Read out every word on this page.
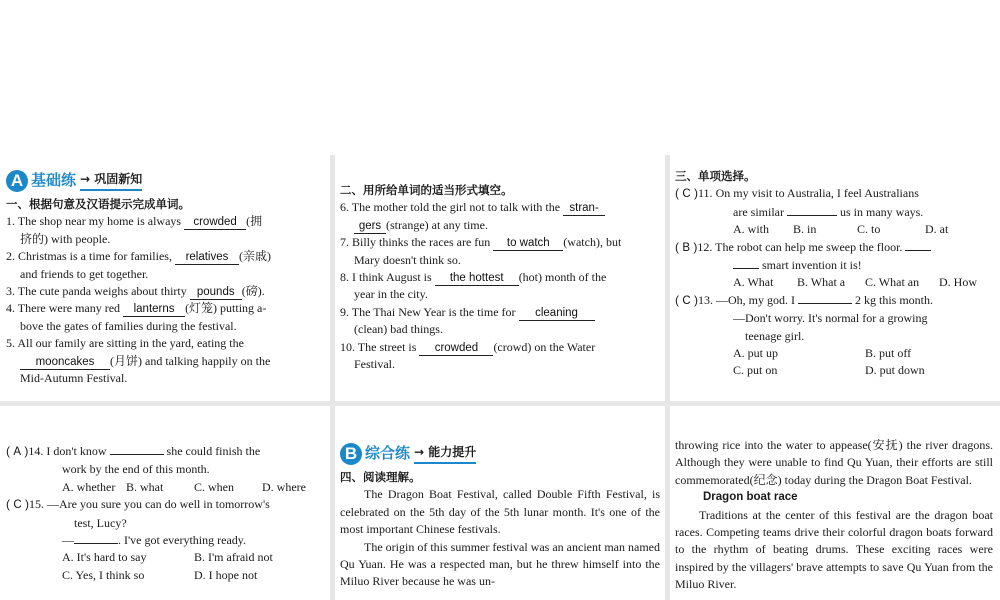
A 基础练 → 巩固新知
一、根据句意及汉语提示完成单词。
1. The shop near my home is always crowded (拥
挤的) with people.
2. Christmas is a time for families, relatives (亲戚)
and friends to get together.
3. The cute panda weighs about thirty pounds (磅).
4. There were many red lanterns (灯笼) putting a-
bove the gates of families during the festival.
5. All our family are sitting in the yard, eating the
mooncakes (月饼) and talking happily on the
Mid-Autumn Festival.
二、用所给单词的适当形式填空。
6. The mother told the girl not to talk with the stran-
gers (strange) at any time.
7. Billy thinks the races are fun to watch (watch), but
Mary doesn't think so.
8. I think August is the hottest (hot) month of the
year in the city.
9. The Thai New Year is the time for cleaning
(clean) bad things.
10. The street is crowded (crowd) on the Water
Festival.
三、单项选择。
( C )11. On my visit to Australia, I feel Australians
are similar	us in many ways.
A. with	B. in	C. to	D. at
( B )12. The robot can help me sweep the floor.
smart invention it is!
A. What	B. What a	C. What an	D. How
( C )13. —Oh, my god. I	2 kg this month.
—Don't worry. It's normal for a growing
teenage girl.
A. put up	B. put off
C. put on	D. put down
( A )14. I don't know	she could finish the
work by the end of this month.
A. whether B. what	C. when	D. where
( C )15. —Are you sure you can do well in tomorrow's
test, Lucy?
—	. I've got everything ready.
A. It's hard to say	B. I'm afraid not
C. Yes, I think so	D. I hope not
B 综合练 → 能力提升
四、阅读理解。
The Dragon Boat Festival, called Double Fifth Festival, is celebrated on the 5th day of the 5th lunar month. It's one of the most important Chinese festivals.
The origin of this summer festival was an ancient man named Qu Yuan. He was a respected man, but he threw himself into the Miluo River because he was un-
throwing rice into the water to appease(安抚) the river dragons. Although they were unable to find Qu Yuan, their efforts are still commemorated(纪念) today during the Dragon Boat Festival.
Dragon boat race
Traditions at the center of this festival are the dragon boat races. Competing teams drive their colorful dragon boats forward to the rhythm of beating drums. These exciting races were inspired by the villagers' brave attempts to save Qu Yuan from the Miluo River.
